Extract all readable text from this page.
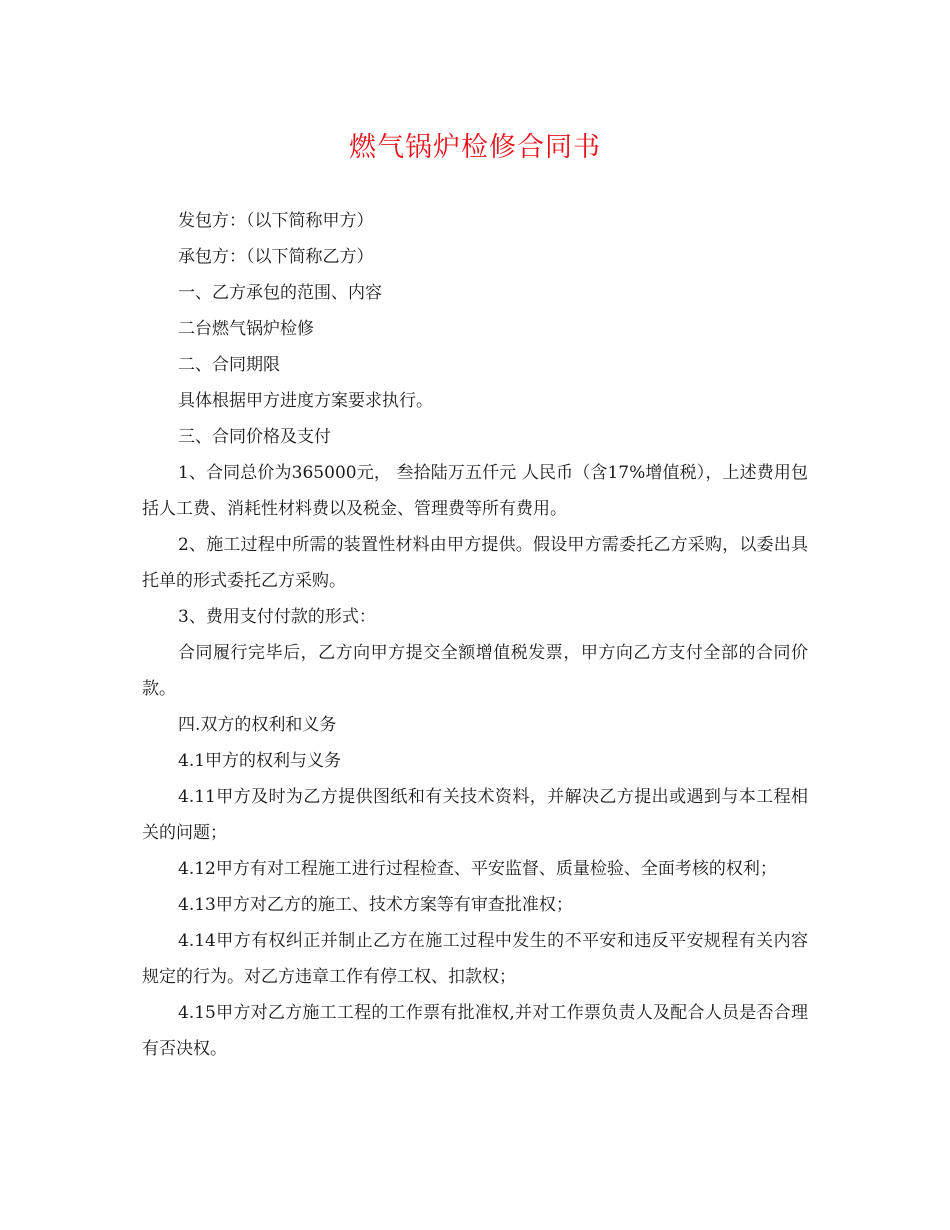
燃气锅炉检修合同书

发包方：（以下简称甲方）

承包方：（以下简称乙方）

一、乙方承包的范围、内容

二台燃气锅炉检修

二、合同期限

具体根据甲方进度方案要求执行。

三、合同价格及支付

1、合同总价为365000元， 叁拾陆万五仟元 人民币（含17%增值税），上述费用包括人工费、消耗性材料费以及税金、管理费等所有费用。

2、施工过程中所需的装置性材料由甲方提供。假设甲方需委托乙方采购，以委出具托单的形式委托乙方采购。

3、费用支付付款的形式：

合同履行完毕后，乙方向甲方提交全额增值税发票，甲方向乙方支付全部的合同价款。

四.双方的权利和义务

4.1甲方的权利与义务

4.11甲方及时为乙方提供图纸和有关技术资料，并解决乙方提出或遇到与本工程相关的问题；

4.12甲方有对工程施工进行过程检查、平安监督、质量检验、全面考核的权利；

4.13甲方对乙方的施工、技术方案等有审查批准权；

4.14甲方有权纠正并制止乙方在施工过程中发生的不平安和违反平安规程有关内容规定的行为。对乙方违章工作有停工权、扣款权；

4.15甲方对乙方施工工程的工作票有批准权,并对工作票负责人及配合人员是否合理有否决权。
